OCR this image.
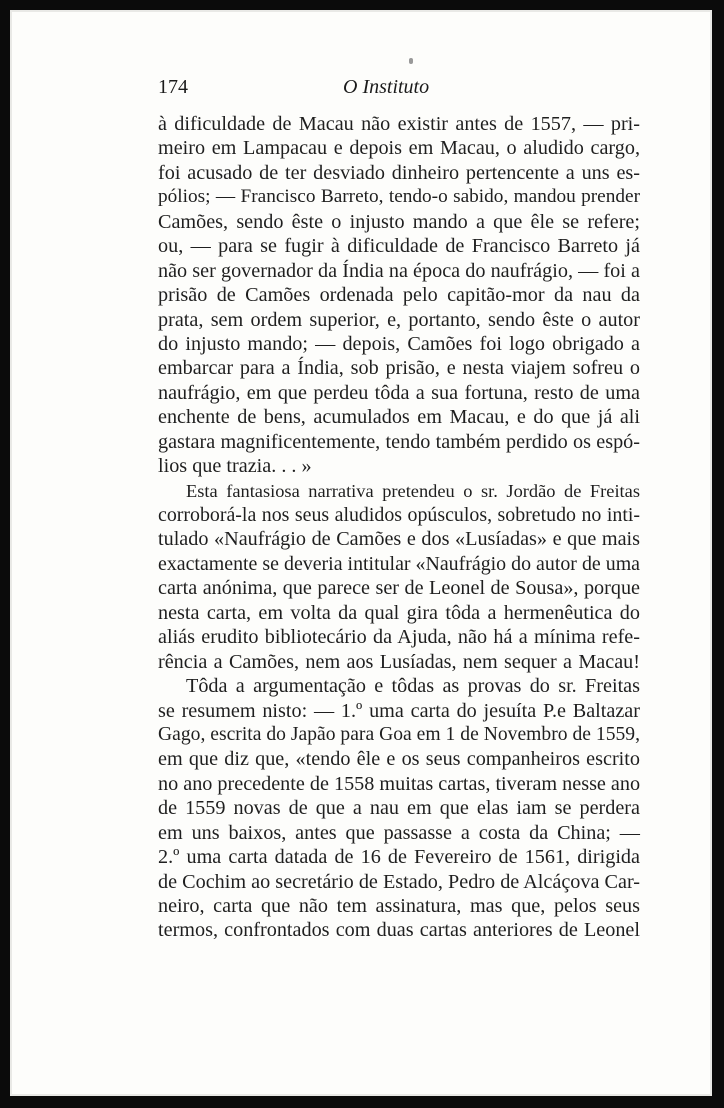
174	O Instituto
à dificuldade de Macau não existir antes de 1557, — pri-
meiro em Lampacau e depois em Macau, o aludido cargo,
foi acusado de ter desviado dinheiro pertencente a uns es-
pólios; — Francisco Barreto, tendo-o sabido, mandou prender
Camões, sendo êste o injusto mando a que êle se refere;
ou, — para se fugir à dificuldade de Francisco Barreto já
não ser governador da Índia na época do naufrágio, — foi a
prisão de Camões ordenada pelo capitão-mor da nau da
prata, sem ordem superior, e, portanto, sendo êste o autor
do injusto mando; — depois, Camões foi logo obrigado a
embarcar para a Índia, sob prisão, e nesta viajem sofreu o
naufrágio, em que perdeu tôda a sua fortuna, resto de uma
enchente de bens, acumulados em Macau, e do que já ali
gastara magnificentemente, tendo também perdido os espó-
lios que trazia. . . »
Esta fantasiosa narrativa pretendeu o sr. Jordão de Freitas
corroborá-la nos seus aludidos opúsculos, sobretudo no inti-
tulado «Naufrágio de Camões e dos «Lusíadas» e que mais
exactamente se deveria intitular «Naufrágio do autor de uma
carta anónima, que parece ser de Leonel de Sousa», porque
nesta carta, em volta da qual gira tôda a hermenêutica do
aliás erudito bibliotecário da Ajuda, não há a mínima refe-
rência a Camões, nem aos Lusíadas, nem sequer a Macau!
Tôda a argumentação e tôdas as provas do sr. Freitas
se resumem nisto: — 1.º uma carta do jesuíta P.e Baltazar
Gago, escrita do Japão para Goa em 1 de Novembro de 1559,
em que diz que, «tendo êle e os seus companheiros escrito
no ano precedente de 1558 muitas cartas, tiveram nesse ano
de 1559 novas de que a nau em que elas iam se perdera
em uns baixos, antes que passasse a costa da China; —
2.º uma carta datada de 16 de Fevereiro de 1561, dirigida
de Cochim ao secretário de Estado, Pedro de Alcáçova Car-
neiro, carta que não tem assinatura, mas que, pelos seus
termos, confrontados com duas cartas anteriores de Leonel
